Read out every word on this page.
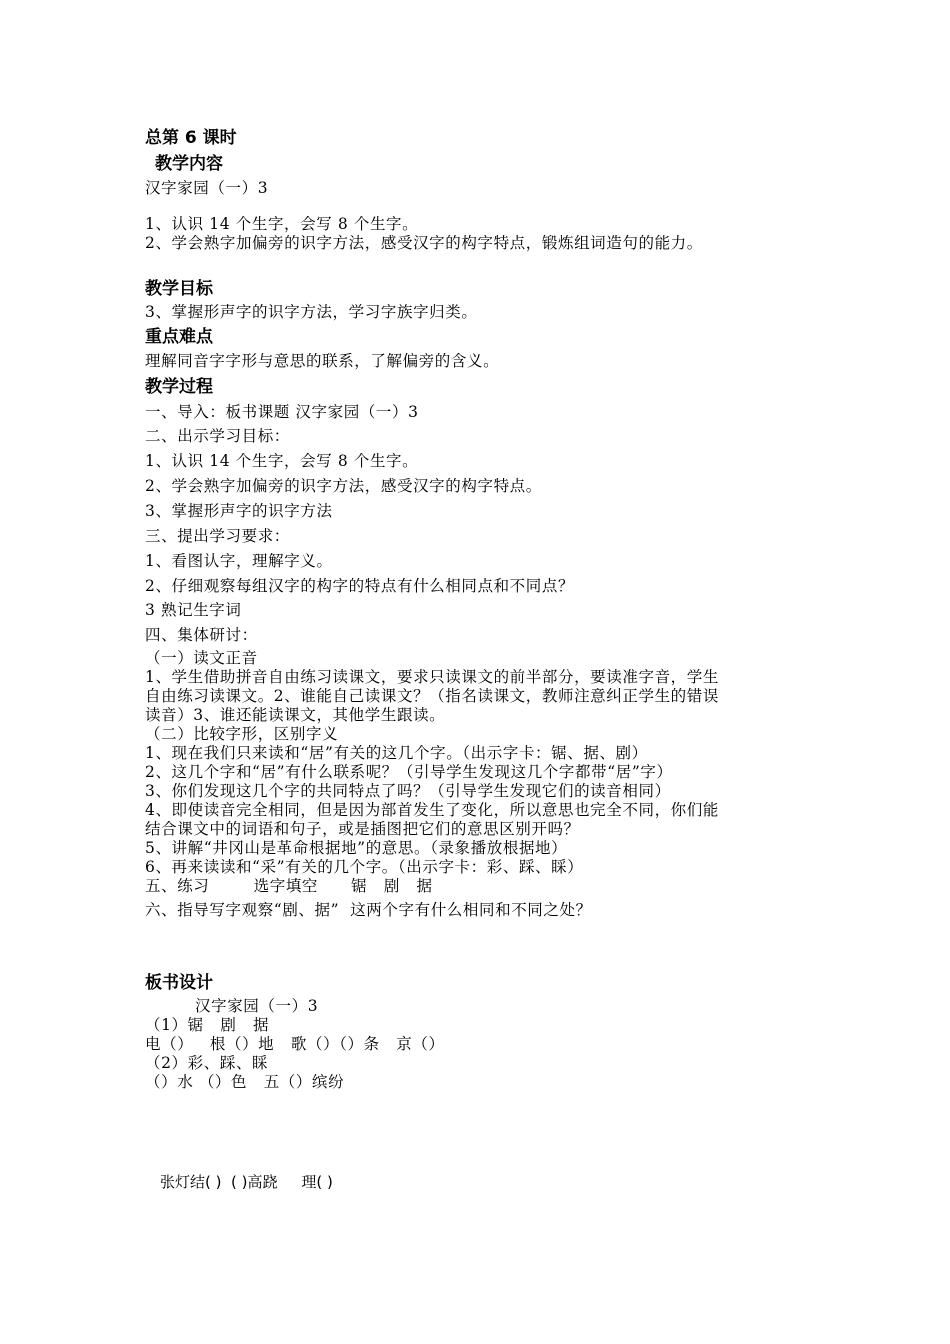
总第 6 课时
教学内容
汉字家园（一）3
1、认识 14 个生字，会写 8 个生字。
2、学会熟字加偏旁的识字方法，感受汉字的构字特点，锻炼组词造句的能力。
教学目标
3、掌握形声字的识字方法，学习字族字归类。
重点难点
理解同音字字形与意思的联系，了解偏旁的含义。
教学过程
一、导入：板书课题 汉字家园（一）3
二、出示学习目标：
1、认识 14 个生字，会写 8 个生字。
2、学会熟字加偏旁的识字方法，感受汉字的构字特点。
3、掌握形声字的识字方法
三、提出学习要求：
1、看图认字，理解字义。
2、仔细观察每组汉字的构字的特点有什么相同点和不同点？
3 熟记生字词
四、集体研讨：
（一）读文正音
1、学生借助拼音自由练习读课文，要求只读课文的前半部分，要读准字音，学生
自由练习读课文。2、谁能自己读课文？（指名读课文，教师注意纠正学生的错误
读音）3、谁还能读课文，其他学生跟读。
（二）比较字形，区别字义
1、现在我们只来读和“居”有关的这几个字。（出示字卡：锯、据、剧）
2、这几个字和“居”有什么联系呢？（引导学生发现这几个字都带“居”字）
3、你们发现这几个字的共同特点了吗？（引导学生发现它们的读音相同）
4、即使读音完全相同，但是因为部首发生了变化，所以意思也完全不同，你们能
结合课文中的词语和句子，或是插图把它们的意思区别开吗？
5、讲解“井冈山是革命根据地”的意思。（录象播放根据地）
6、再来读读和“采”有关的几个字。（出示字卡：彩、踩、睬）
五、练习        选字填空      锯   剧   据
六、指导写字观察“剧、据”  这两个字有什么相同和不同之处？
板书设计
汉字家园（一）3
（1）锯   剧   据
电（）   根（）地   歌（）（）条   京（）
（2）彩、踩、睬
（）水 （）色   五（）缤纷
张灯结( )  ( )高跷     理( )
